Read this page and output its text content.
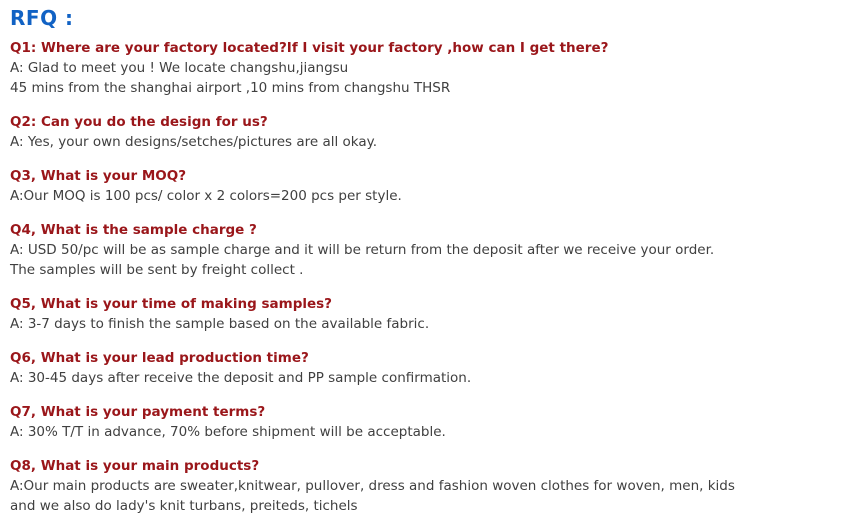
RFQ :
Q1: Where are your factory located?If I visit your factory ,how can I get there?
A: Glad to meet you ! We locate changshu,jiangsu
45 mins from the shanghai airport ,10 mins from changshu THSR
Q2: Can you do the design for us?
A: Yes, your own designs/setches/pictures are all okay.
Q3, What is your MOQ?
A:Our MOQ is 100 pcs/ color x 2 colors=200 pcs per style.
Q4, What is the sample charge ?
A: USD 50/pc will be as sample charge and it will be return from the deposit after we receive your order.
The samples will be sent by freight collect .
Q5, What is your time of making samples?
A: 3-7 days to finish the sample based on the available fabric.
Q6, What is your lead production time?
A: 30-45 days after receive the deposit and PP sample confirmation.
Q7, What is your payment terms?
A: 30% T/T in advance, 70% before shipment will be acceptable.
Q8, What is your main products?
A:Our main products are sweater,knitwear, pullover, dress and fashion woven clothes for woven, men, kids
and we also do lady's knit turbans, preiteds, tichels
